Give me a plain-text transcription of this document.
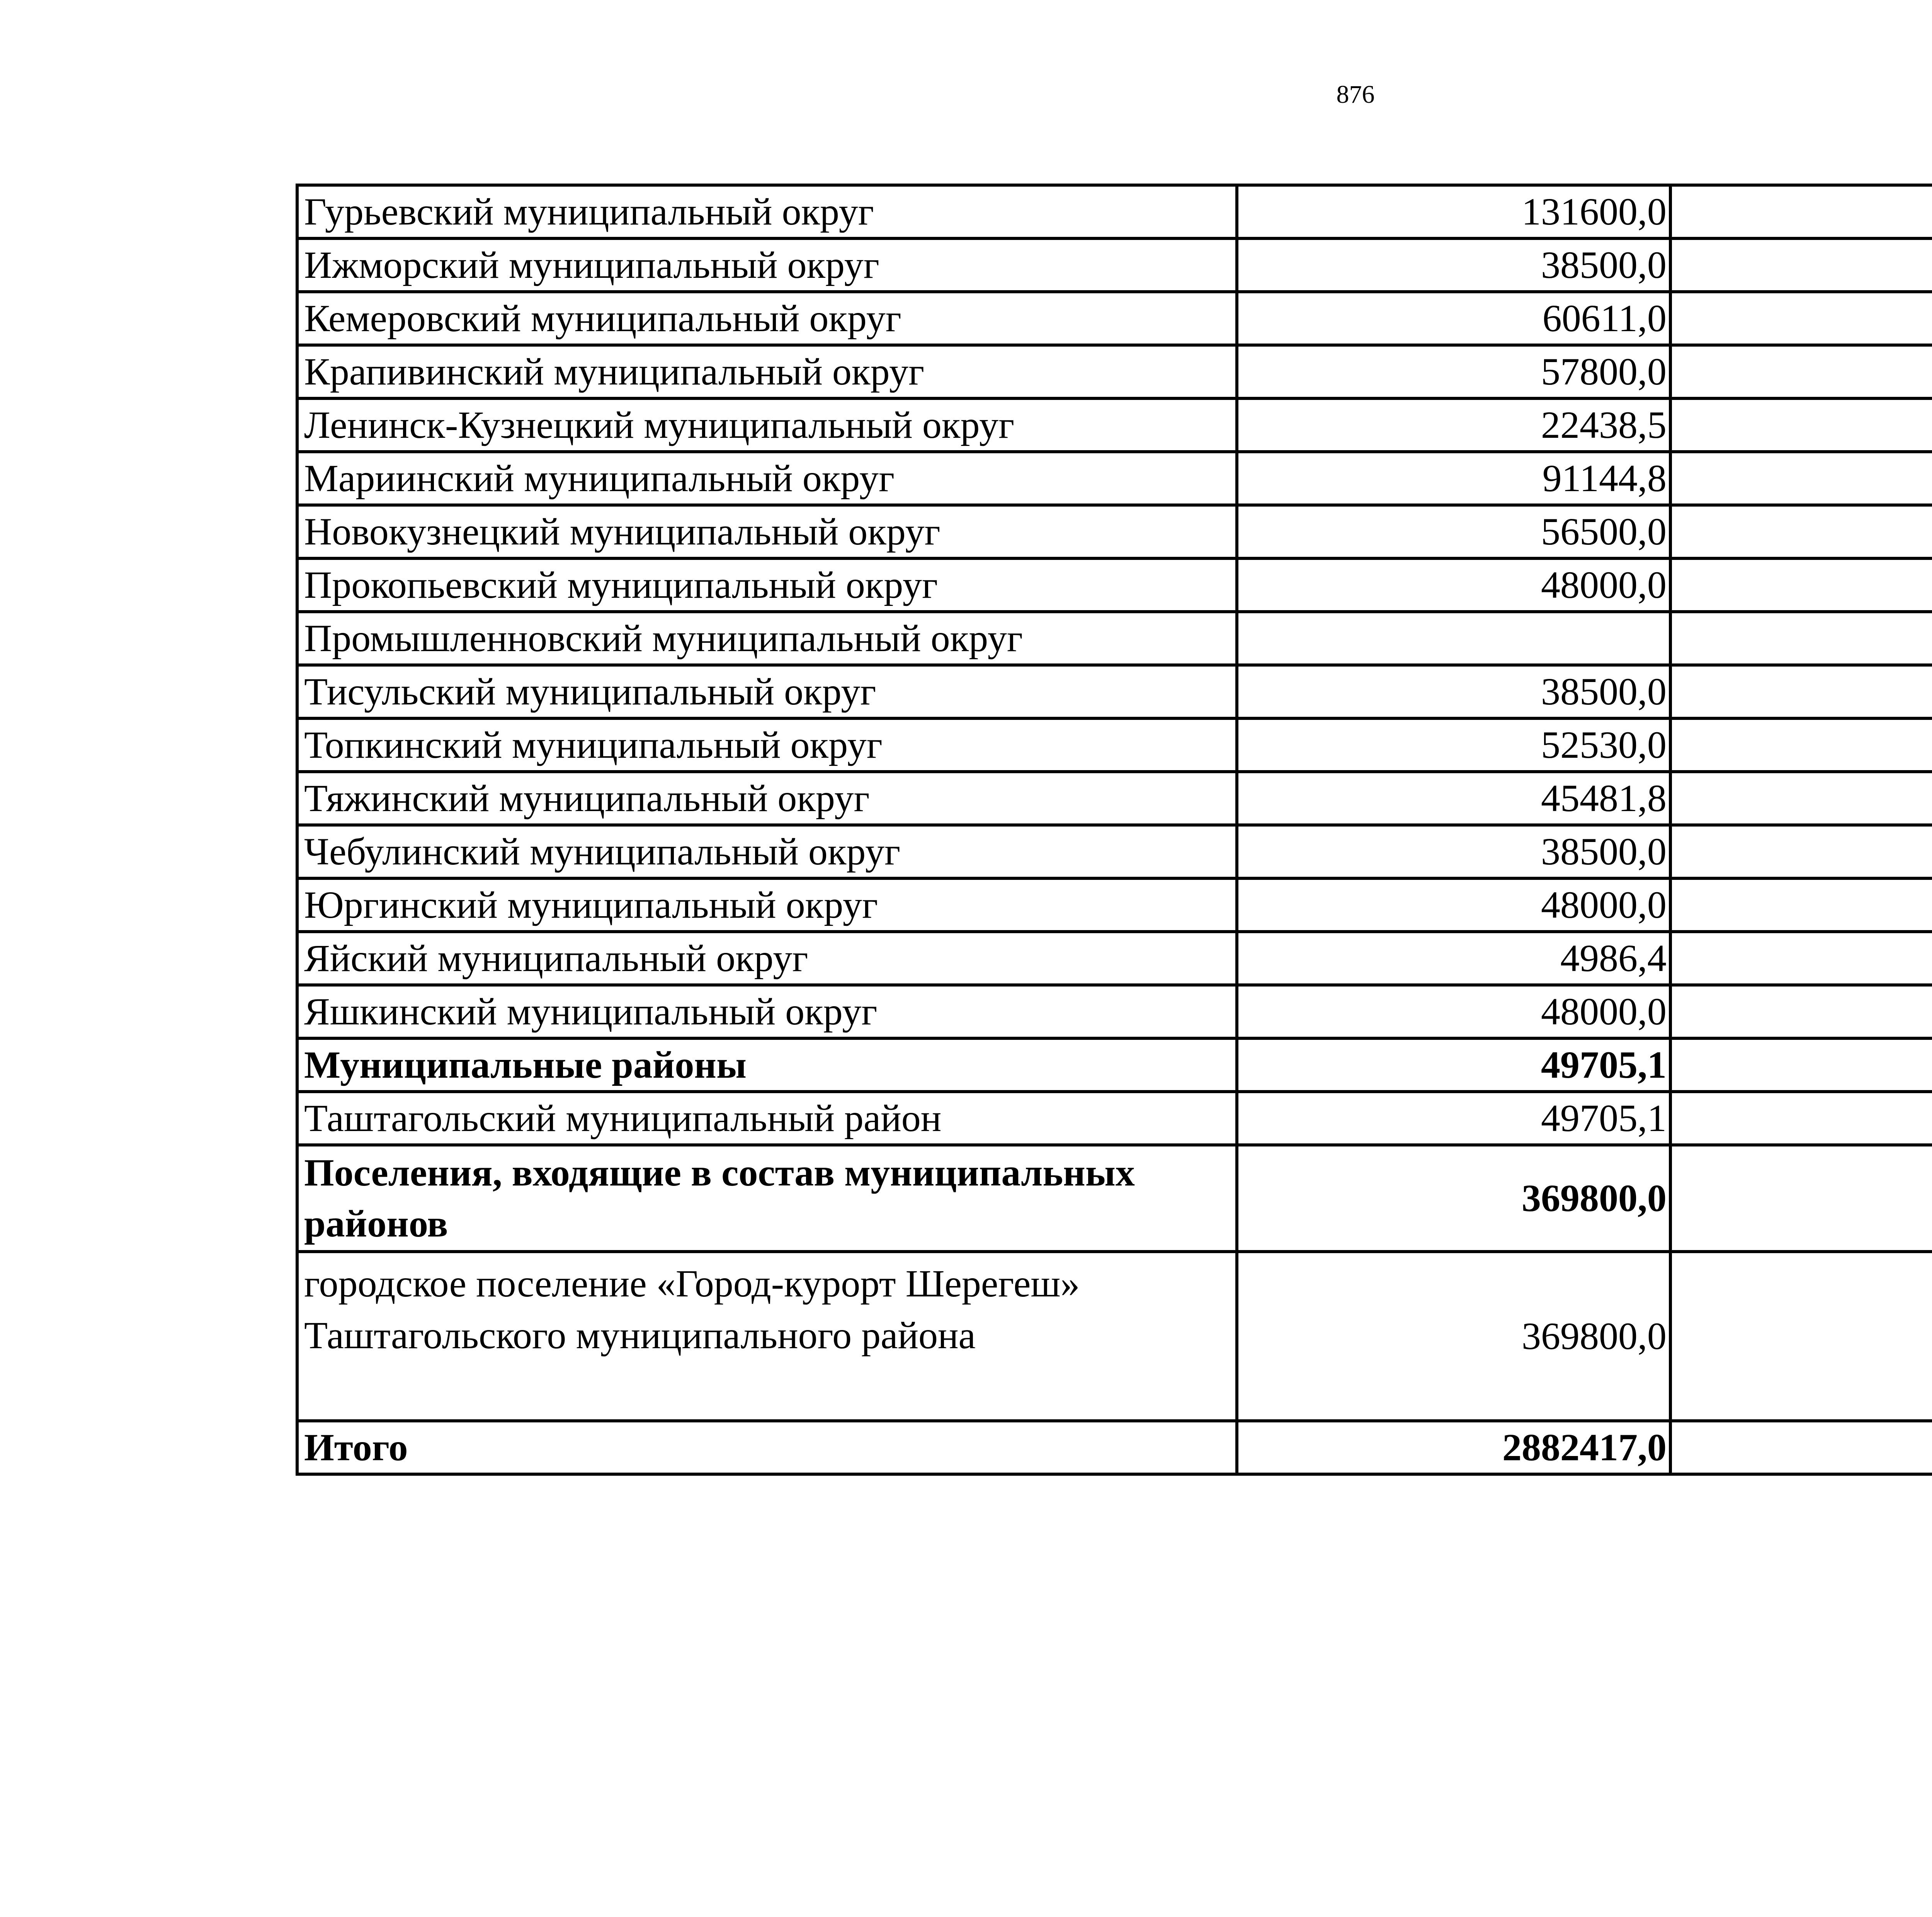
876
Гурьевский муниципальный округ	131600,0		
Ижморский муниципальный округ	38500,0		
Кемеровский муниципальный округ	60611,0		
Крапивинский муниципальный округ	57800,0		
Ленинск-Кузнецкий муниципальный округ	22438,5		
Мариинский муниципальный округ	91144,8		
Новокузнецкий муниципальный округ	56500,0		
Прокопьевский муниципальный округ	48000,0		
Промышленновский муниципальный округ			
Тисульский муниципальный округ	38500,0		
Топкинский муниципальный округ	52530,0		
Тяжинский муниципальный округ	45481,8		
Чебулинский муниципальный округ	38500,0		
Юргинский муниципальный округ	48000,0		
Яйский муниципальный округ	4986,4		
Яшкинский муниципальный округ	48000,0		
Муниципальные районы	49705,1		
Таштагольский муниципальный район	49705,1		
Поселения, входящие в состав муниципальных районов	369800,0		
городское поселение «Город-курорт Шерегеш» Таштагольского муниципального района	369800,0		
Итого	2882417,0		
